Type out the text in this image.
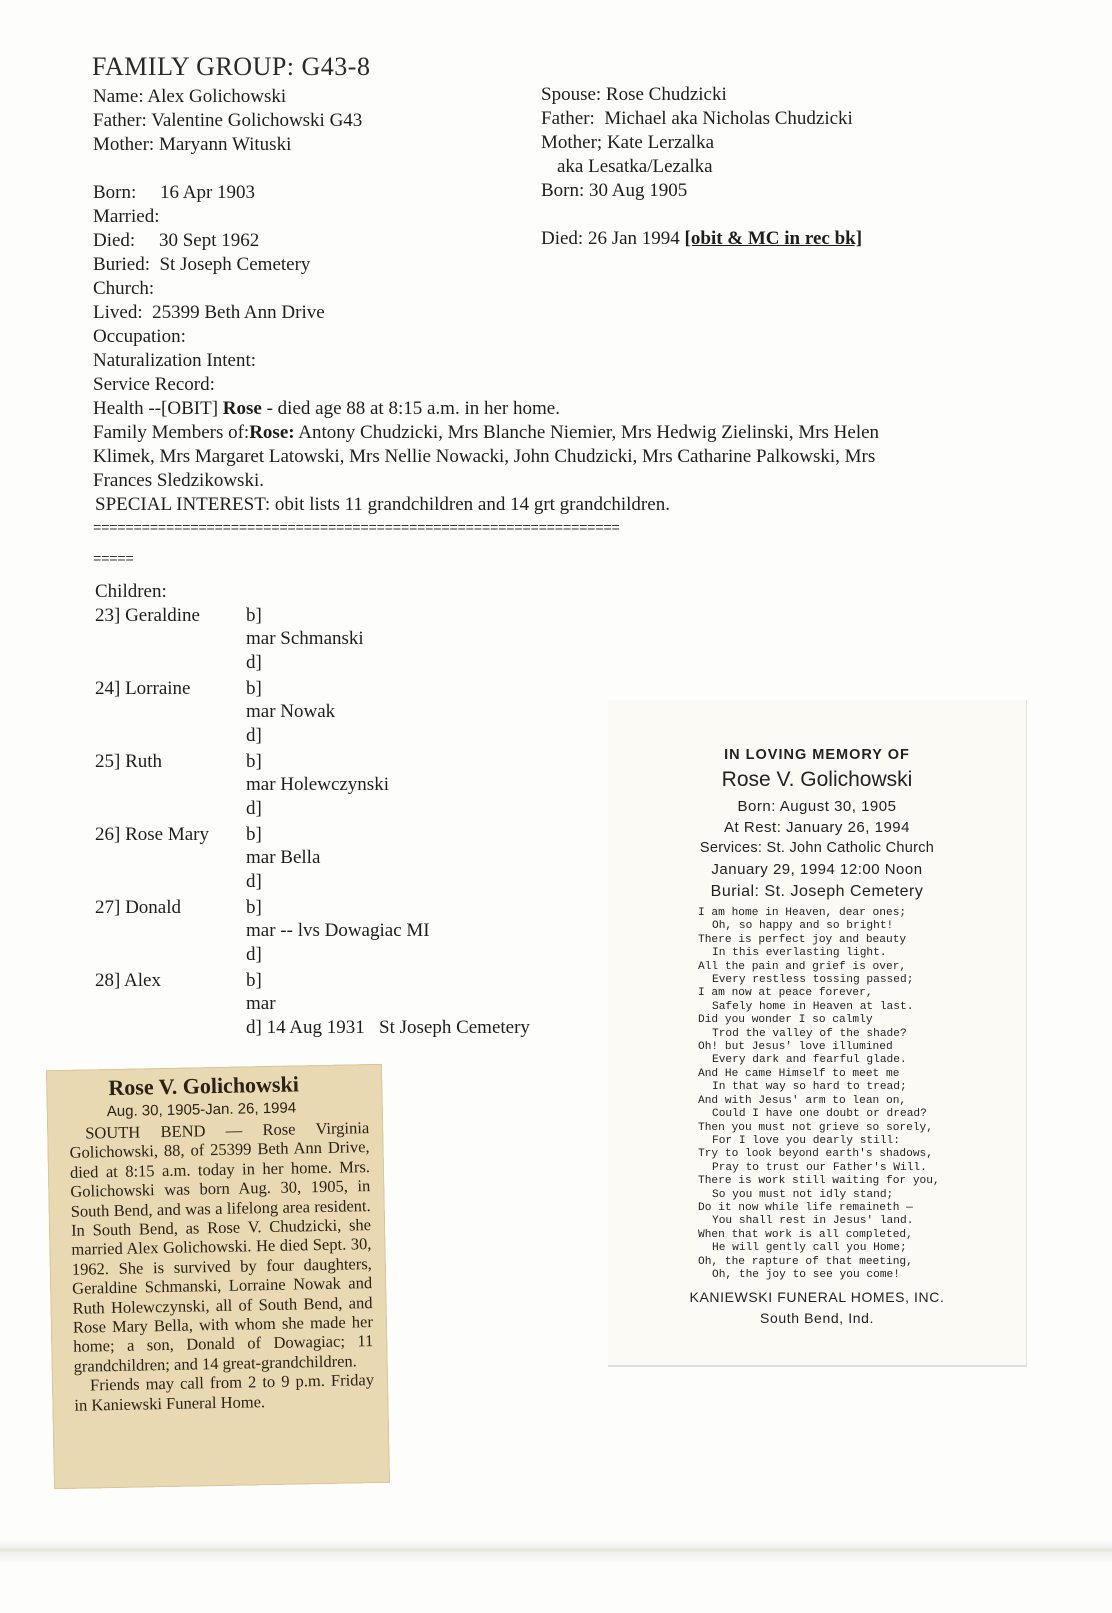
FAMILY GROUP: G43-8
Name: Alex Golichowski
Father: Valentine Golichowski G43
Mother: Maryann Wituski
Born:     16 Apr 1903
Married:
Died:     30 Sept 1962
Buried:  St Joseph Cemetery
Church:
Lived:  25399 Beth Ann Drive
Occupation:
Naturalization Intent:
Service Record:
Spouse: Rose Chudzicki
Father:  Michael aka Nicholas Chudzicki
Mother; Kate Lerzalka
aka Lesatka/Lezalka
Born: 30 Aug 1905
Died: 26 Jan 1994 [obit & MC in rec bk]
Health --[OBIT] Rose - died age 88 at 8:15 a.m. in her home.
Family Members of:Rose: Antony Chudzicki, Mrs Blanche Niemier, Mrs Hedwig Zielinski, Mrs Helen
Klimek, Mrs Margaret Latowski, Mrs Nellie Nowacki, John Chudzicki, Mrs Catharine Palkowski, Mrs
Frances Sledzikowski.
SPECIAL INTEREST: obit lists 11 grandchildren and 14 grt grandchildren.
=================================================================
=====
Children:
23] Geraldine b]
mar Schmanski
d]
24] Lorraine	b]
mar Nowak
d]
25] Ruth	b]
mar Holewczynski
d]
26] Rose Mary b]
mar Bella
d]
27] Donald	b]
mar -- lvs Dowagiac MI
d]
28] Alex	b]
mar
d] 14 Aug 1931   St Joseph Cemetery
Rose V. Golichowski
Aug. 30, 1905-Jan. 26, 1994

SOUTH BEND — Rose Virginia Golichowski, 88, of 25399 Beth Ann Drive, died at 8:15 a.m. today in her home. Mrs. Golichowski was born Aug. 30, 1905, in South Bend, and was a lifelong area resident. In South Bend, as Rose V. Chudzicki, she married Alex Golichowski. He died Sept. 30, 1962. She is survived by four daughters, Geraldine Schmanski, Lorraine Nowak and Ruth Holewczynski, all of South Bend, and Rose Mary Bella, with whom she made her home; a son, Donald of Dowagiac; 11 grandchildren; and 14 great-grandchildren.

Friends may call from 2 to 9 p.m. Friday in Kaniewski Funeral Home.

IN LOVING MEMORY OF
Rose V. Golichowski
Born: August 30, 1905
At Rest: January 26, 1994
Services: St. John Catholic Church
January 29, 1994 12:00 Noon
Burial: St. Joseph Cemetery
I am home in Heaven, dear ones;
Oh, so happy and so bright!
There is perfect joy and beauty
In this everlasting light.
All the pain and grief is over,
Every restless tossing passed;
I am now at peace forever,
Safely home in Heaven at last.
Did you wonder I so calmly
Trod the valley of the shade?
Oh! but Jesus' love illumined
Every dark and fearful glade.
And He came Himself to meet me
In that way so hard to tread;
And with Jesus' arm to lean on,
Could I have one doubt or dread?
Then you must not grieve so sorely,
For I love you dearly still:
Try to look beyond earth's shadows,
Pray to trust our Father's Will.
There is work still waiting for you,
So you must not idly stand;
Do it now while life remaineth —
You shall rest in Jesus' land.
When that work is all completed,
He will gently call you Home;
Oh, the rapture of that meeting,
Oh, the joy to see you come!
KANIEWSKI FUNERAL HOMES, INC.
South Bend, Ind.
